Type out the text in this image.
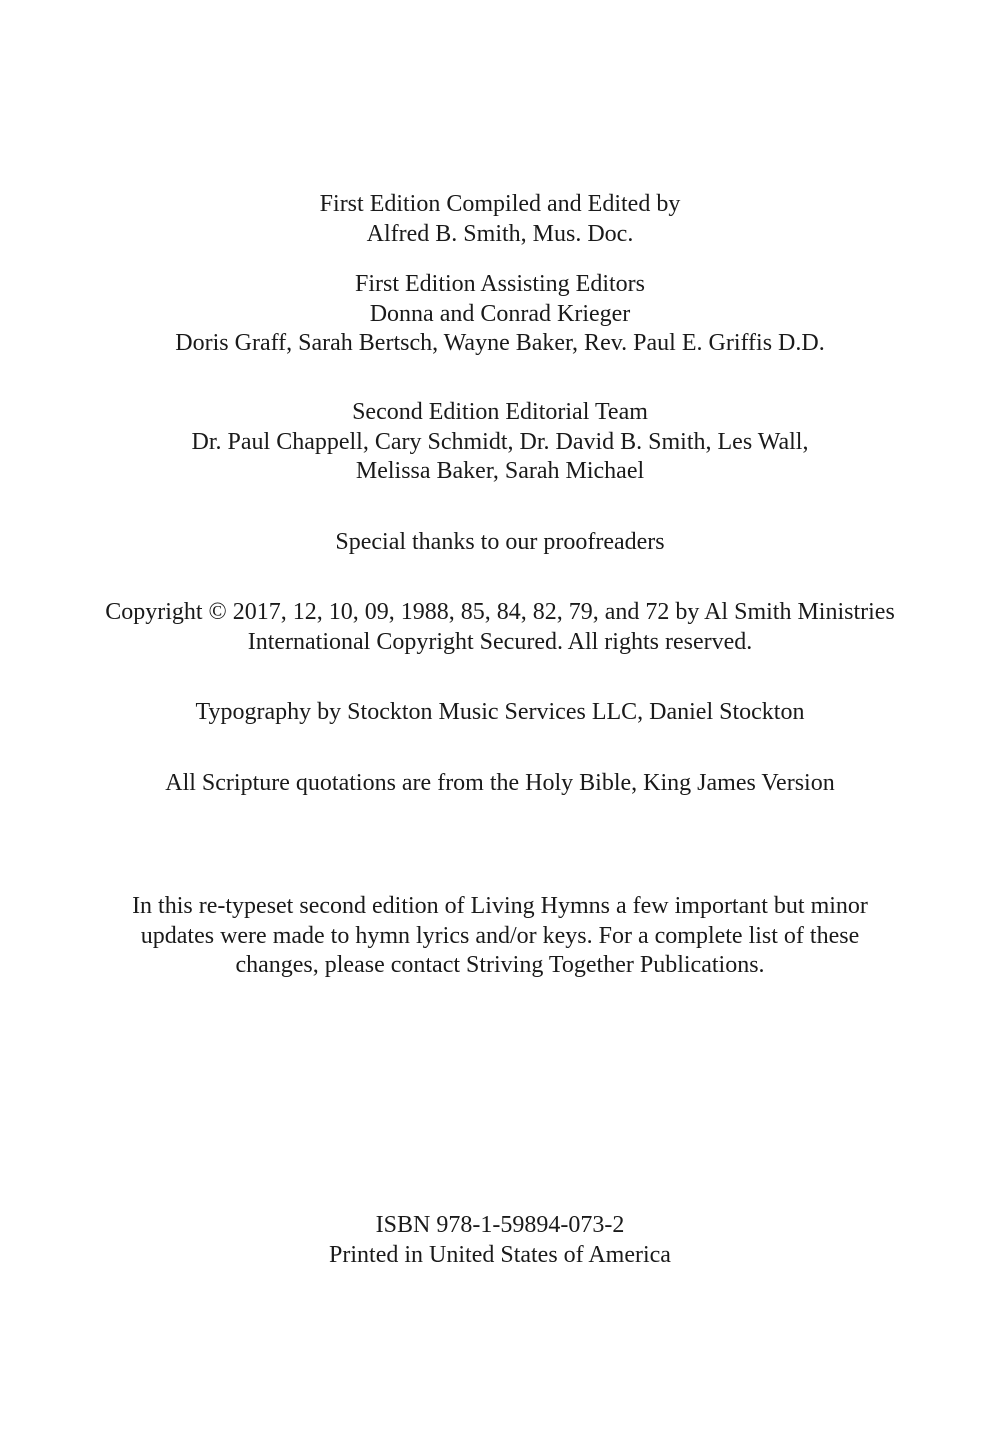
First Edition Compiled and Edited by
Alfred B. Smith, Mus. Doc.
First Edition Assisting Editors
Donna and Conrad Krieger
Doris Graff, Sarah Bertsch, Wayne Baker, Rev. Paul E. Griffis D.D.
Second Edition Editorial Team
Dr. Paul Chappell, Cary Schmidt, Dr. David B. Smith, Les Wall,
Melissa Baker, Sarah Michael
Special thanks to our proofreaders
Copyright © 2017, 12, 10, 09, 1988, 85, 84, 82, 79, and 72 by Al Smith Ministries
International Copyright Secured. All rights reserved.
Typography by Stockton Music Services LLC, Daniel Stockton
All Scripture quotations are from the Holy Bible, King James Version
In this re-typeset second edition of Living Hymns a few important but minor
updates were made to hymn lyrics and/or keys. For a complete list of these
changes, please contact Striving Together Publications.
ISBN 978-1-59894-073-2
Printed in United States of America
